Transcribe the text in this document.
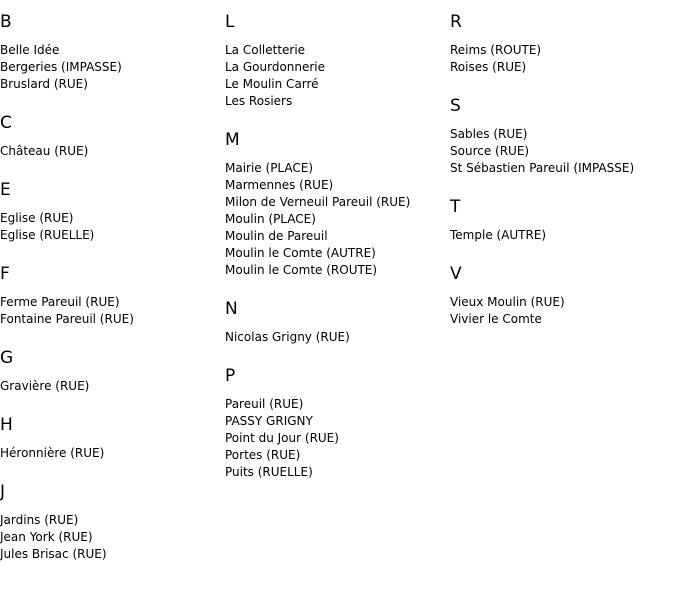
B
Belle Idée
Bergeries (IMPASSE)
Bruslard (RUE)
C
Château (RUE)
E
Eglise (RUE)
Eglise (RUELLE)
F
Ferme Pareuil (RUE)
Fontaine Pareuil (RUE)
G
Gravière (RUE)
H
Héronnière (RUE)
J
Jardins (RUE)
Jean York (RUE)
Jules Brisac (RUE)
L
La Colletterie
La Gourdonnerie
Le Moulin Carré
Les Rosiers
M
Mairie (PLACE)
Marmennes (RUE)
Milon de Verneuil Pareuil (RUE)
Moulin (PLACE)
Moulin de Pareuil
Moulin le Comte (AUTRE)
Moulin le Comte (ROUTE)
N
Nicolas Grigny (RUE)
P
Pareuil (RUE)
PASSY GRIGNY
Point du Jour (RUE)
Portes (RUE)
Puits (RUELLE)
R
Reims (ROUTE)
Roises (RUE)
S
Sables (RUE)
Source (RUE)
St Sébastien Pareuil (IMPASSE)
T
Temple (AUTRE)
V
Vieux Moulin (RUE)
Vivier le Comte
